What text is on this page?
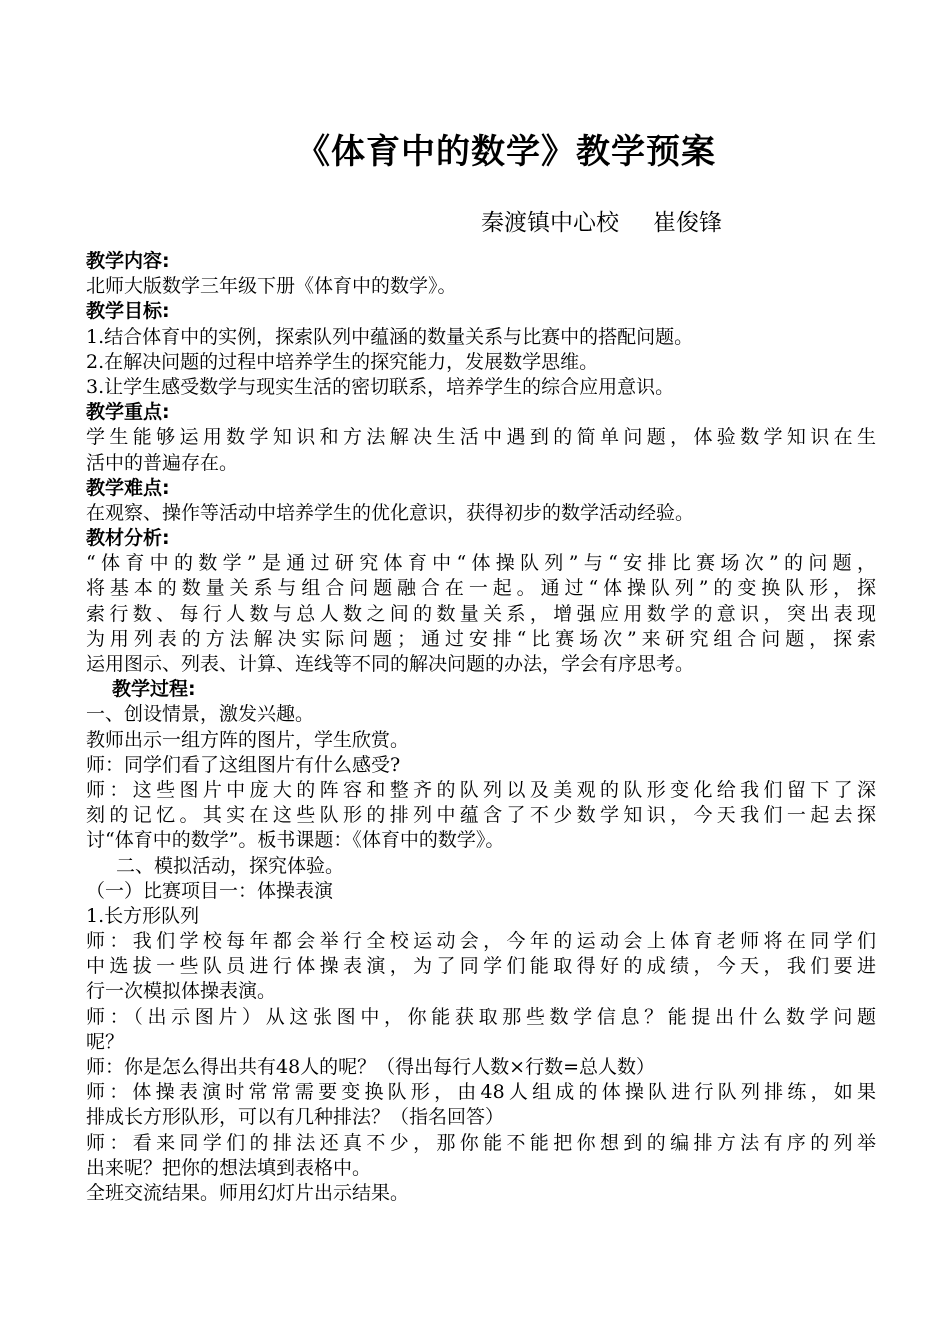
《体育中的数学》教学预案
秦渡镇中心校 崔俊锋
教学内容:
北师大版数学三年级下册《体育中的数学》。
教学目标:
1.结合体育中的实例，探索队列中蕴涵的数量关系与比赛中的搭配问题。
2.在解决问题的过程中培养学生的探究能力，发展数学思维。
3.让学生感受数学与现实生活的密切联系，培养学生的综合应用意识。
教学重点:
学生能够运用数学知识和方法解决生活中遇到的简单问题，体验数学知识在生
活中的普遍存在。
教学难点:
在观察、操作等活动中培养学生的优化意识，获得初步的数学活动经验。
教材分析:
“体育中的数学”是通过研究体育中“体操队列”与“安排比赛场次”的问题，
将基本的数量关系与组合问题融合在一起。通过“体操队列”的变换队形，探
索行数、每行人数与总人数之间的数量关系，增强应用数学的意识，突出表现
为用列表的方法解决实际问题；通过安排“比赛场次”来研究组合问题，探索
运用图示、列表、计算、连线等不同的解决问题的办法，学会有序思考。
教学过程:
一、创设情景，激发兴趣。
教师出示一组方阵的图片，学生欣赏。
师：同学们看了这组图片有什么感受?
师：这些图片中庞大的阵容和整齐的队列以及美观的队形变化给我们留下了深
刻的记忆。其实在这些队形的排列中蕴含了不少数学知识，今天我们一起去探
讨“体育中的数学”。板书课题：《体育中的数学》。
二、模拟活动，探究体验。
（一）比赛项目一：体操表演
1.长方形队列
师：我们学校每年都会举行全校运动会，今年的运动会上体育老师将在同学们
中选拔一些队员进行体操表演，为了同学们能取得好的成绩，今天，我们要进
行一次模拟体操表演。
师：（出示图片）从这张图中，你能获取那些数学信息？能提出什么数学问题
呢？
师：你是怎么得出共有48人的呢？（得出每行人数×行数=总人数）
师：体操表演时常常需要变换队形，由48人组成的体操队进行队列排练，如果
排成长方形队形，可以有几种排法？（指名回答）
师：看来同学们的排法还真不少，那你能不能把你想到的编排方法有序的列举
出来呢？把你的想法填到表格中。
全班交流结果。师用幻灯片出示结果。
